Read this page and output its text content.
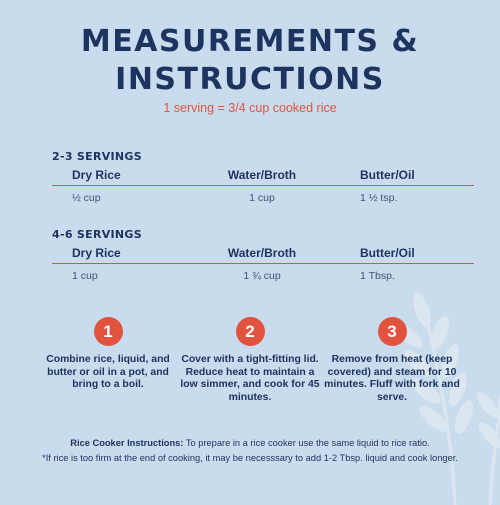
MEASUREMENTS &
INSTRUCTIONS
1 serving = 3/4 cup cooked rice
2-3 SERVINGS
Dry Rice	Water/Broth	Butter/Oil
½ cup	1 cup	1 ½ tsp.
4-6 SERVINGS
Dry Rice	Water/Broth	Butter/Oil
1 cup	1 ¾ cup	1 Tbsp.
1
Combine rice, liquid, and butter or oil in a pot, and bring to a boil.
2
Cover with a tight-fitting lid. Reduce heat to maintain a low simmer, and cook for 45 minutes.
3
Remove from heat (keep covered) and steam for 10 minutes. Fluff with fork and serve.
Rice Cooker Instructions: To prepare in a rice cooker use the same liquid to rice ratio.
*If rice is too firm at the end of cooking, it may be necesssary to add 1-2 Tbsp. liquid and cook longer.
